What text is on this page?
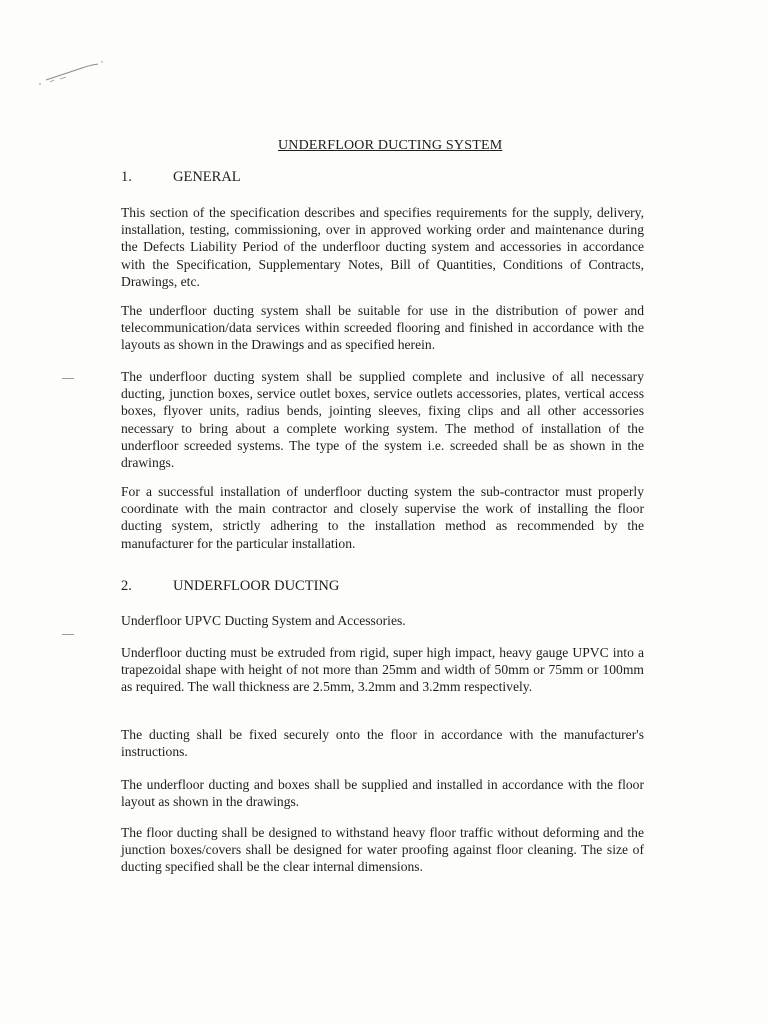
UNDERFLOOR DUCTING SYSTEM
1.	GENERAL

This section of the specification describes and specifies requirements for the supply, delivery, installation, testing, commissioning, over in approved working order and maintenance during the Defects Liability Period of the underfloor ducting system and accessories in accordance with the Specification, Supplementary Notes, Bill of Quantities, Conditions of Contracts, Drawings, etc.

The underfloor ducting system shall be suitable for use in the distribution of power and telecommunication/data services within screeded flooring and finished in accordance with the layouts as shown in the Drawings and as specified herein.

The underfloor ducting system shall be supplied complete and inclusive of all necessary ducting, junction boxes, service outlet boxes, service outlets accessories, plates, vertical access boxes, flyover units, radius bends, jointing sleeves, fixing clips and all other accessories necessary to bring about a complete working system. The method of installation of the underfloor screeded systems. The type of the system i.e. screeded shall be as shown in the drawings.

For a successful installation of underfloor ducting system the sub-contractor must properly coordinate with the main contractor and closely supervise the work of installing the floor ducting system, strictly adhering to the installation method as recommended by the manufacturer for the particular installation.

2.	UNDERFLOOR DUCTING

Underfloor UPVC Ducting System and Accessories.

Underfloor ducting must be extruded from rigid, super high impact, heavy gauge UPVC into a trapezoidal shape with height of not more than 25mm and width of 50mm or 75mm or 100mm as required. The wall thickness are 2.5mm, 3.2mm and 3.2mm respectively.

The ducting shall be fixed securely onto the floor in accordance with the manufacturer's instructions.

The underfloor ducting and boxes shall be supplied and installed in accordance with the floor layout as shown in the drawings.

The floor ducting shall be designed to withstand heavy floor traffic without deforming and the junction boxes/covers shall be designed for water proofing against floor cleaning. The size of ducting specified shall be the clear internal dimensions.
